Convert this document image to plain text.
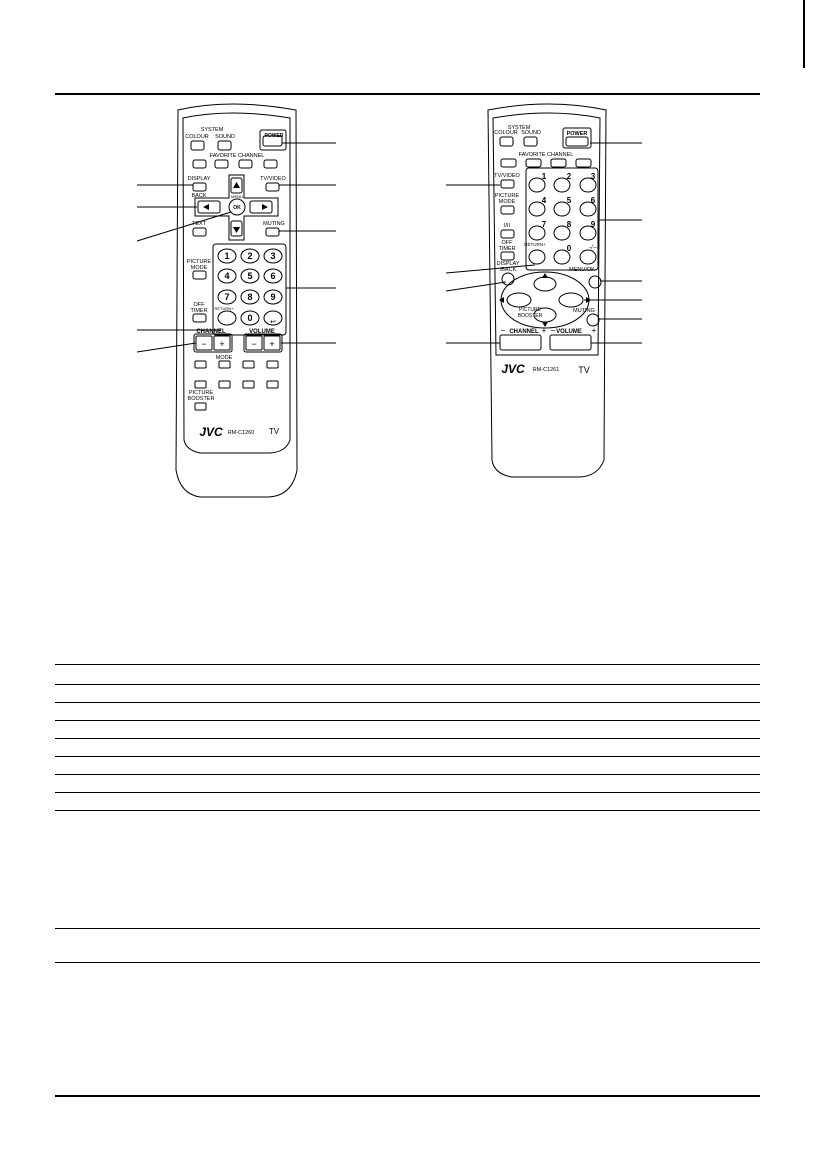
SYSTEM
COLOUR SOUND	POWER
FAVORITE CHANNEL
DISPLAY
BACK
TV/VIDEO
MENU
OK
TEXT	MUTING
PICTURE
MODE
OFF
TIMER RETURN+
CHANNEL	VOLUME
− +	− +
MODE
PICTURE
BOOSTER
JVC RM-C1260 TV
↩
1 2 3
4 5 6
7 8 9
0
SYSTEM
COLOUR SOUND	POWER
FAVORITE CHANNEL
TV/VIDEO
PICTURE
MODE
I/II
OFF
TIMER
RETURN+
DISPLAY
/BACK	MENU/OK
MUTING
PICTURE
BOOSTER
CHANNEL	VOLUME
−	+ −	+
JVC RM-C1261 TV
-/--
1	2 3
4	5 6
7	8 9
0
